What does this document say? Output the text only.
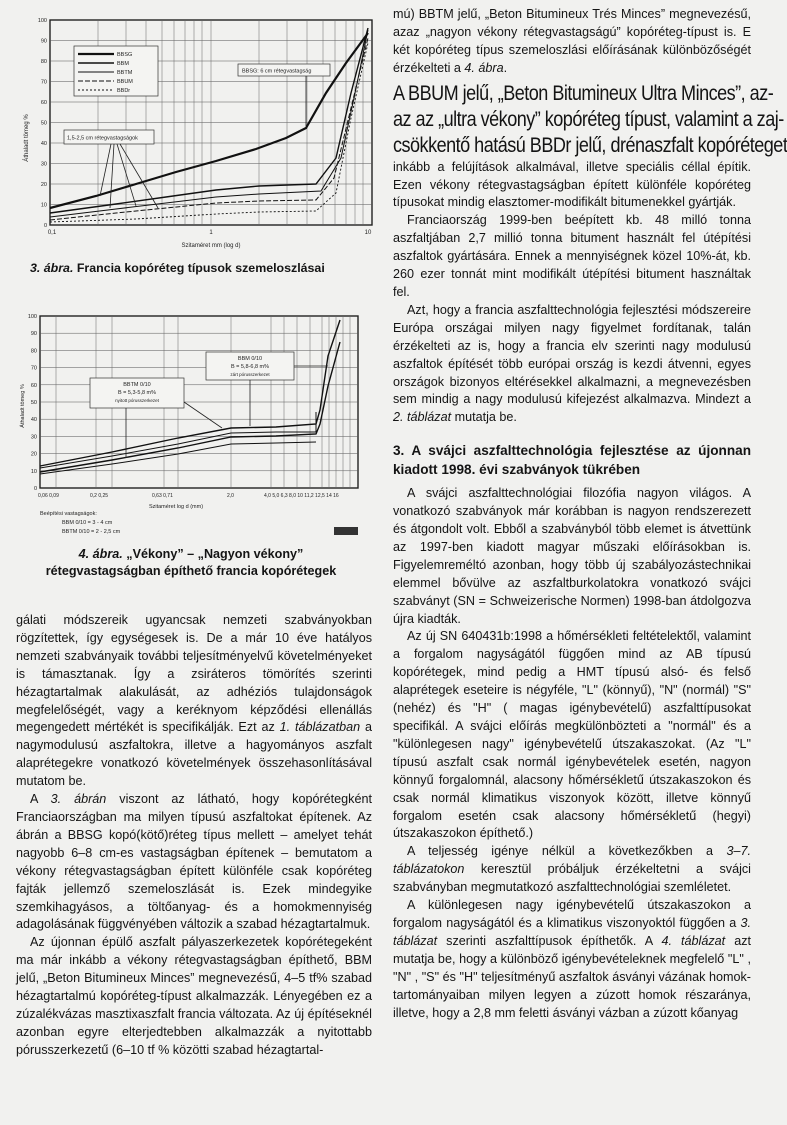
100
90
80
70
60
50
40
30
20
10
0
0,1	1	10
Szitaméret mm (log d)
Áthaladt tömeg %
BBSG
BBM
BBTM
BBUM
BBDr
BBSG: 6 cm rétegvastagság
1,5-2,5 cm rétegvastagságok
3. ábra. Francia kopóréteg típusok szemeloszlásai
100
90
80
70
60
50
40
30
20
10
0
0,06 0,09	0,2 0,25	0,63 0,71	2,0	4,0 5,0 6,3 8,0 10 11,2 12,5 14 16
Szitaméret log d (mm)
Áthaladt tömeg %
BBM 0/10
B = 5,8-6,8 m%
zárt pórusszerkezet
BBTM 0/10
B = 5,3-5,8 m%
nyitott pórusszerkezet
Beépítési vastagságok:
BBM 0/10 = 3 - 4 cm
BBTM 0/10 = 2 - 2,5 cm
4. ábra. „Vékony” – „Nagyon vékony”
rétegvastagságban építhető francia kopórétegek

gálati módszereik ugyancsak nemzeti szabványokban rögzítettek, így egységesek is. De a már 10 éve hatályos nemzeti szabványaik további teljesítményelvű követelményeket is támasztanak. Így a zsiráteros tömörítés szerinti hézagtartalmak alakulását, az adhéziós tulajdonságok megfelelőségét, vagy a keréknyom képződési ellenállás megengedett mértékét is specifikálják. Ezt az 1. táblázatban a nagymodulusú aszfaltokra, illetve a hagyományos aszfalt alaprétegekre vonatkozó követelmények összehasonlításával mutatom be.

A 3. ábrán viszont az látható, hogy kopórétegként Franciaországban ma milyen típusú aszfaltokat építenek. Az ábrán a BBSG kopó(kötő)réteg típus mellett – amelyet tehát nagyobb 6–8 cm-es vastagságban építenek – bemutatom a vékony rétegvastagságban épített különféle csak kopóréteg fajták jellemző szemeloszlását is. Ezek mindegyike szemkihagyásos, a töltőanyag- és a homokmennyiség adagolásának függvényében változik a szabad hézagtartalmuk.

Az újonnan épülő aszfalt pályaszerkezetek kopórétegeként ma már inkább a vékony rétegvastagságban építhető, BBM jelű, „Beton Bitumineux Minces” megnevezésű, 4–5 tf% szabad hézagtartalmú kopóréteg-típust alkalmazzák. Lényegében ez a zúzalékvázas masztixaszfalt francia változata. Az új építéseknél azonban egyre elterjedtebben alkalmazzák a nyitottabb pórusszerkezetű (6–10 tf % közötti szabad hézagtartal-

mú) BBTM jelű, „Beton Bitumineux Trés Minces” megnevezésű, azaz „nagyon vékony rétegvastagságú” kopóréteg-típust is. E két kopóréteg típus szemeloszlási előírásának különbözőségét érzékelteti a 4. ábra.

A BBUM jelű, „Beton Bitumineux Ultra Minces”, az-
az az „ultra vékony” kopóréteg típust, valamint a zaj-
csökkentő hatású BBDr jelű, drénaszfalt kopóréteget

inkább a felújítások alkalmával, illetve speciális céllal építik. Ezen vékony rétegvastagságban épített különféle kopóréteg típusokat mindig elasztomer-modifikált bitumenekkel gyártják.

Franciaország 1999-ben beépített kb. 48 milló tonna aszfaltjában 2,7 millió tonna bitument használt fel útépítési aszfaltok gyártására. Ennek a mennyiségnek közel 10%-át, kb. 260 ezer tonnát mint modifikált útépítési bitument használtak fel.

Azt, hogy a francia aszfalttechnológia fejlesztési módszereire Európa országai milyen nagy figyelmet fordítanak, talán érzékelteti az is, hogy a francia elv szerinti nagy modulusú aszfaltok építését több európai ország is kezdi átvenni, egyes országok bizonyos eltérésekkel alkalmazni, a megnevezésben sem mindig a nagy modulusú kifejezést alkalmazva. Mindezt a 2. táblázat mutatja be.

3. A svájci aszfalttechnológia fejlesztése az újonnan kiadott 1998. évi szabványok tükrében

A svájci aszfalttechnológiai filozófia nagyon világos. A vonatkozó szabványok már korábban is nagyon rendszerezett és átgondolt volt. Ebből a szabványból több elemet is átvettünk az 1997-ben kiadott magyar műszaki előírásokban is. Figyelemreméltó azonban, hogy több új szabályozástechnikai elemmel bővülve az aszfaltburkolatokra vonatkozó svájci szabványt (SN = Schweizerische Normen) 1998-ban átdolgozva újra kiadták.

Az új SN 640431b:1998 a hőmérsékleti feltételektől, valamint a forgalom nagyságától függően mind az AB típusú kopórétegek, mind pedig a HMT típusú alsó- és felső alaprétegek eseteire is négyféle, "L" (könnyű), "N" (normál) "S" (nehéz) és "H" ( magas igénybevételű) aszfalttípusokat specifikál. A svájci előírás megkülönbözteti a "normál" és a "különlegesen nagy" igénybevételű útszakaszokat. (Az "L" típusú aszfalt csak normál igénybevételek esetén, nagyon könnyű forgalomnál, alacsony hőmérsékletű útszakaszokon és csak normál klimatikus viszonyok között, illetve könnyű forgalom esetén csak alacsony hőmérsékletű (hegyi) útszakaszokon építhető.)

A teljesség igénye nélkül a következőkben a 3–7. táblázatokon keresztül próbáljuk érzékeltetni a svájci szabványban megmutatkozó aszfalttechnológiai szemléletet.

A különlegesen nagy igénybevételű útszakaszokon a forgalom nagyságától és a klimatikus viszonyoktól függően a 3. táblázat szerinti aszfalttípusok építhetők. A 4. táblázat azt mutatja be, hogy a különböző igénybevételeknek megfelelő "L" , "N" , "S" és "H" teljesítményű aszfaltok ásványi vázának homok-tartományaiban milyen legyen a zúzott homok részaránya, illetve, hogy a 2,8 mm feletti ásványi vázban a zúzott kőanyag
